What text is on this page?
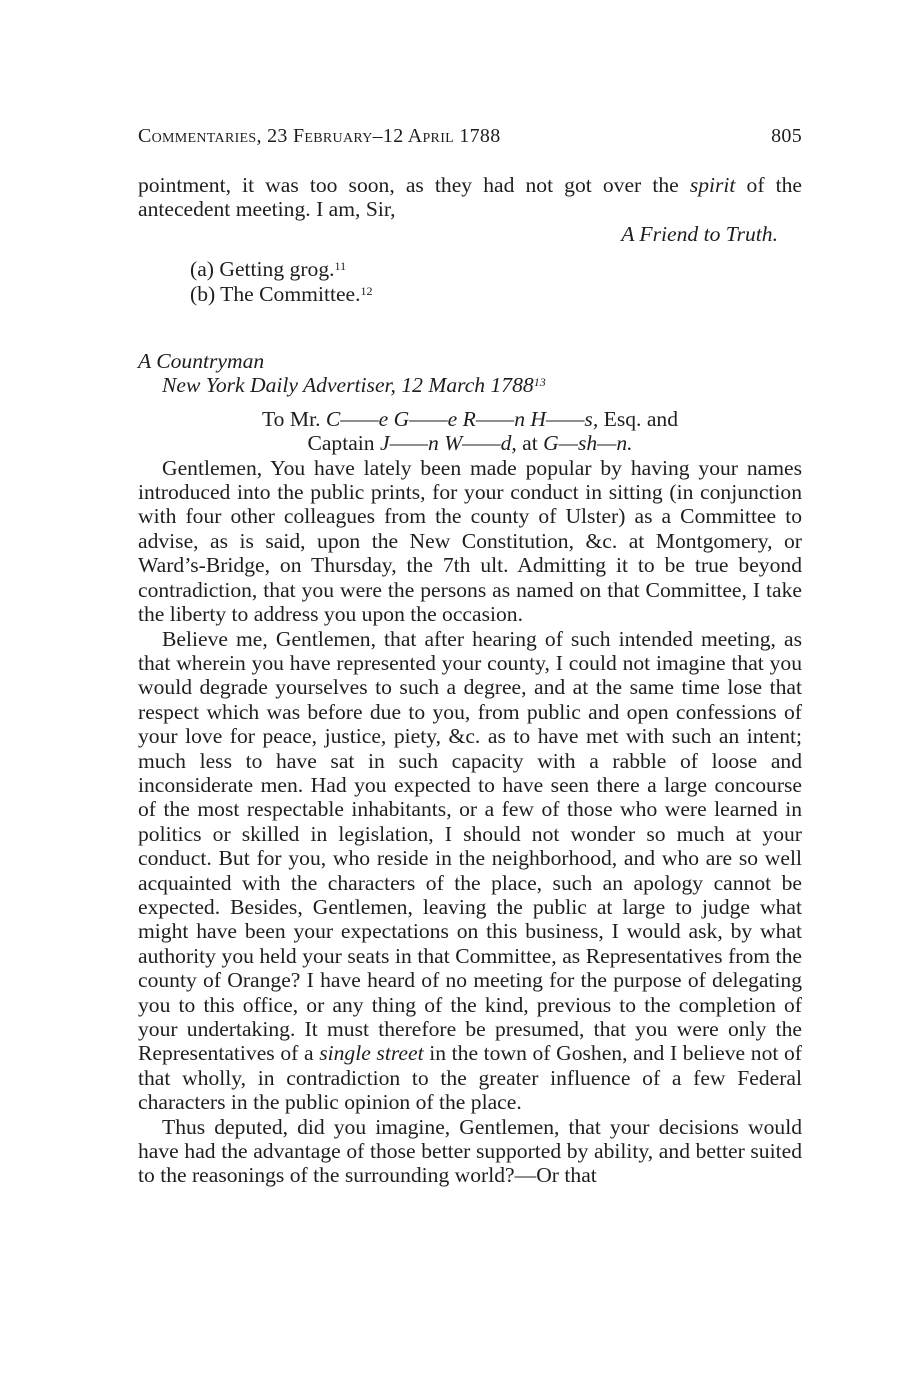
Commentaries, 23 February–12 April 1788	805

pointment, it was too soon, as they had not got over the spirit of the antecedent meeting. I am, Sir,

A Friend to Truth.

(a) Getting grog.$^{11}$

(b) The Committee.$^{12}$

A Countryman

New York Daily Advertiser, 12 March 1788$^{13}$

To Mr. C——e G——e R——n H——s, Esq. and
Captain J——n W——d, at G—sh—n.

Gentlemen, You have lately been made popular by having your names introduced into the public prints, for your conduct in sitting (in conjunction with four other colleagues from the county of Ulster) as a Committee to advise, as is said, upon the New Constitution, &c. at Montgomery, or Ward’s-Bridge, on Thursday, the 7th ult. Admitting it to be true beyond contradiction, that you were the persons as named on that Committee, I take the liberty to address you upon the occasion.

Believe me, Gentlemen, that after hearing of such intended meeting, as that wherein you have represented your county, I could not imagine that you would degrade yourselves to such a degree, and at the same time lose that respect which was before due to you, from public and open confessions of your love for peace, justice, piety, &c. as to have met with such an intent; much less to have sat in such capacity with a rabble of loose and inconsiderate men. Had you expected to have seen there a large concourse of the most respectable inhabitants, or a few of those who were learned in politics or skilled in legislation, I should not wonder so much at your conduct. But for you, who reside in the neighborhood, and who are so well acquainted with the characters of the place, such an apology cannot be expected. Besides, Gentlemen, leaving the public at large to judge what might have been your expectations on this business, I would ask, by what authority you held your seats in that Committee, as Representatives from the county of Orange? I have heard of no meeting for the purpose of delegating you to this office, or any thing of the kind, previous to the completion of your undertaking. It must therefore be presumed, that you were only the Representatives of a single street in the town of Goshen, and I believe not of that wholly, in contradiction to the greater influence of a few Federal characters in the public opinion of the place.

Thus deputed, did you imagine, Gentlemen, that your decisions would have had the advantage of those better supported by ability, and better suited to the reasonings of the surrounding world?—Or that
